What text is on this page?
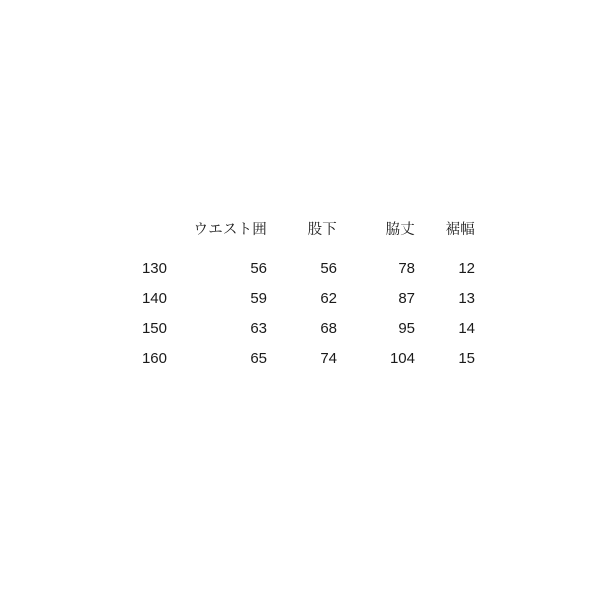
	ウエスト囲	股下	脇丈	裾幅
130	56	56	78	12
140	59	62	87	13
150	63	68	95	14
160	65	74	104	15
